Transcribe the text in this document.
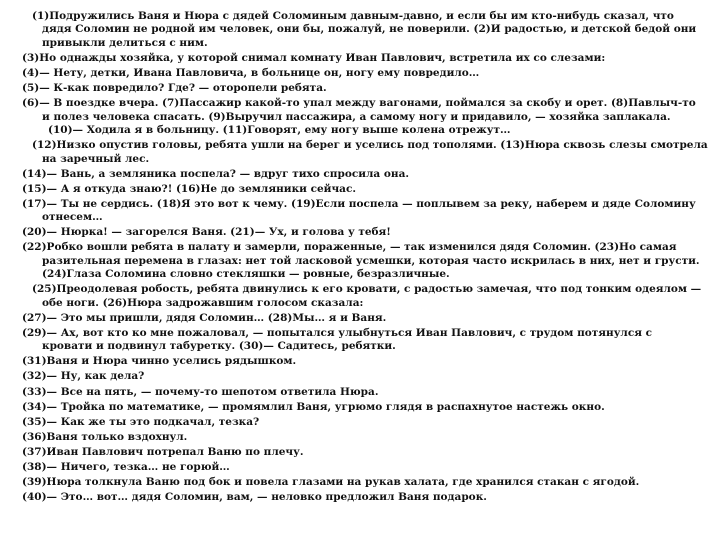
(1)Подружились Ваня и Нюра с дядей Соломиным давным-давно, и если бы им кто-нибудь сказал, что
дядя Соломин не родной им человек, они бы, пожалуй, не поверили. (2)И радостью, и детской бедой они привыкли делиться с ним.

(3)Но однажды хозяйка, у которой снимал комнату Иван Павлович, встретила их со слезами:

(4)— Нету, детки, Ивана Павловича, в больнице он, ногу ему повредило…

(5)— К-как повредило? Где? — оторопели ребята.

(6)— В поездке вчера. (7)Пассажир какой-то упал между вагонами, поймался за скобу и орет. (8)Павлыч-то
и полез человека спасать. (9)Выручил пассажира, а самому ногу и придавило, — хозяйка заплакала.
(10)— Ходила я в больницу. (11)Говорят, ему ногу выше колена отрежут…

(12)Низко опустив головы, ребята ушли на берег и уселись под тополями. (13)Нюра сквозь слезы смотрела
на заречный лес.

(14)— Вань, а земляника поспела? — вдруг тихо спросила она.

(15)— А я откуда знаю?! (16)Не до земляники сейчас.

(17)— Ты не сердись. (18)Я это вот к чему. (19)Если поспела — поплывем за реку, наберем и дяде Соломину
отнесем…

(20)— Нюрка! — загорелся Ваня. (21)— Ух, и голова у тебя!

(22)Робко вошли ребята в палату и замерли, пораженные, — так изменился дядя Соломин. (23)Но самая
разительная перемена в глазах: нет той ласковой усмешки, которая часто искрилась в них, нет и грусти. (24)Глаза Соломина словно стекляшки — ровные, безразличные.

(25)Преодолевая робость, ребята двинулись к его кровати, с радостью замечая, что под тонким одеялом —
обе ноги. (26)Нюра задрожавшим голосом сказала:

(27)— Это мы пришли, дядя Соломин… (28)Мы… я и Ваня.

(29)— Ах, вот кто ко мне пожаловал, — попытался улыбнуться Иван Павлович, с трудом потянулся с
кровати и подвинул табуретку. (30)— Садитесь, ребятки.

(31)Ваня и Нюра чинно уселись рядышком.

(32)— Ну, как дела?

(33)— Все на пять, — почему-то шепотом ответила Нюра.

(34)— Тройка по математике, — промямлил Ваня, угрюмо глядя в распахнутое настежь окно.

(35)— Как же ты это подкачал, тезка?

(36)Ваня только вздохнул.

(37)Иван Павлович потрепал Ваню по плечу.

(38)— Ничего, тезка… не горюй…

(39)Нюра толкнула Ваню под бок и повела глазами на рукав халата, где хранился стакан с ягодой.

(40)— Это… вот… дядя Соломин, вам, — неловко предложил Ваня подарок.
